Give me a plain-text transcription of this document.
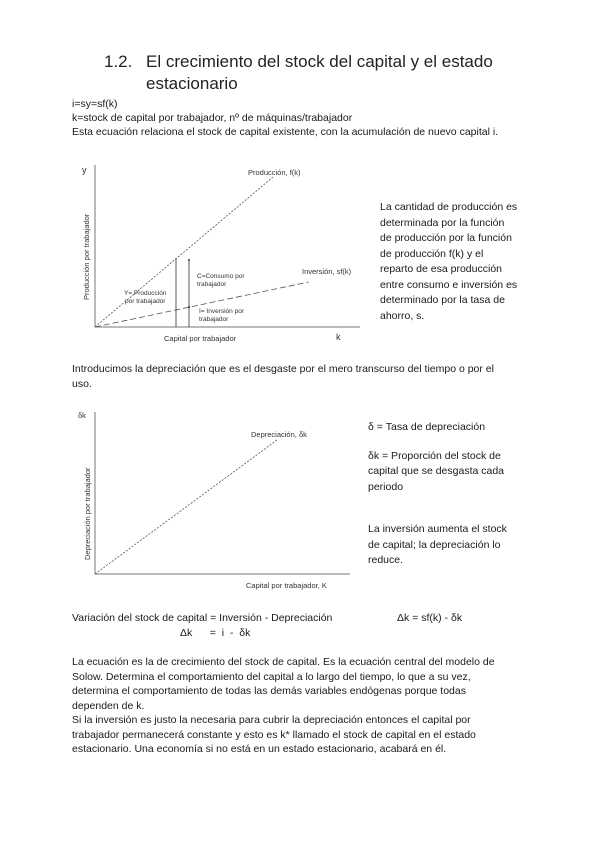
1.2. El crecimiento del stock del capital y el estado
estacionario
i=sy=sf(k)
k=stock de capital por trabajador, nº de máquinas/trabajador
Esta ecuación relaciona el stock de capital existente, con la acumulación de nuevo capital i.
y
k
Capital por trabajador
Producción por trabajador
Producción, f(k)
Inversión, sf(k)
Y= Producción por trabajador
C=Consumo por trabajador
I= Inversión por trabajador
La cantidad de producción es
determinada por la función
de producción por la función
de producción f(k) y el
reparto de esa producción
entre consumo e inversión es
determinado por la tasa de
ahorro, s.
Introducimos la depreciación que es el desgaste por el mero transcurso del tiempo o por el
uso.
δk
Capital por trabajador, K
Depreciación por trabajador
Depreciación, δk
δ = Tasa de depreciación
δk = Proporción del stock de
capital que se desgasta cada
periodo
La inversión aumenta el stock
de capital; la depreciación lo
reduce.
Variación del stock de capital = Inversión - Depreciación	Δk = sf(k) - δk
Δk      =  i  -  δk
La ecuación es la de crecimiento del stock de capital. Es la ecuación central del modelo de
Solow. Determina el comportamiento del capital a lo largo del tiempo, lo que a su vez,
determina el comportamiento de todas las demás variables endógenas porque todas
dependen de k.
Si la inversión es justo la necesaria para cubrir la depreciación entonces el capital por
trabajador permanecerá constante y esto es k* llamado el stock de capital en el estado
estacionario. Una economía si no está en un estado estacionario, acabará en él.
